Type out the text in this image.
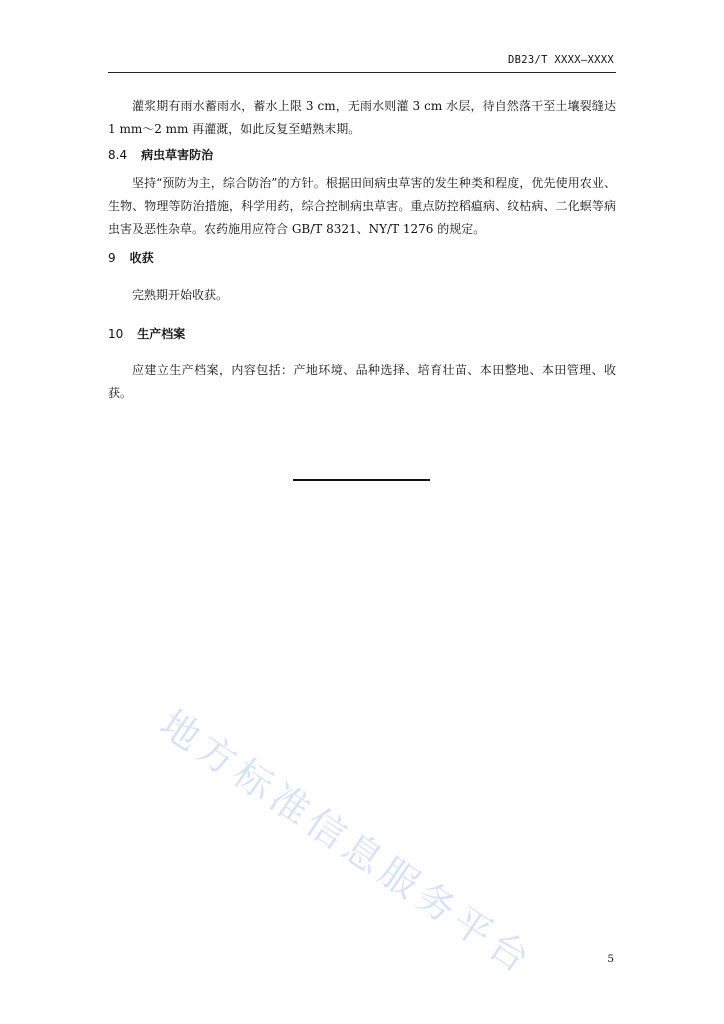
DB23/T XXXX—XXXX
灌浆期有雨水蓄雨水，蓄水上限 3 cm，无雨水则灌 3 cm 水层，待自然落干至土壤裂缝达 1 mm～2 mm 再灌溉，如此反复至蜡熟末期。
8.4 病虫草害防治
坚持“预防为主，综合防治”的方针。根据田间病虫草害的发生种类和程度，优先使用农业、生物、物理等防治措施，科学用药，综合控制病虫草害。重点防控稻瘟病、纹枯病、二化螟等病虫害及恶性杂草。农药施用应符合 GB/T 8321、NY/T 1276 的规定。
9 收获
完熟期开始收获。
10 生产档案
应建立生产档案，内容包括：产地环境、品种选择、培育壮苗、本田整地、本田管理、收获。
地方标准信息服务平台	5
